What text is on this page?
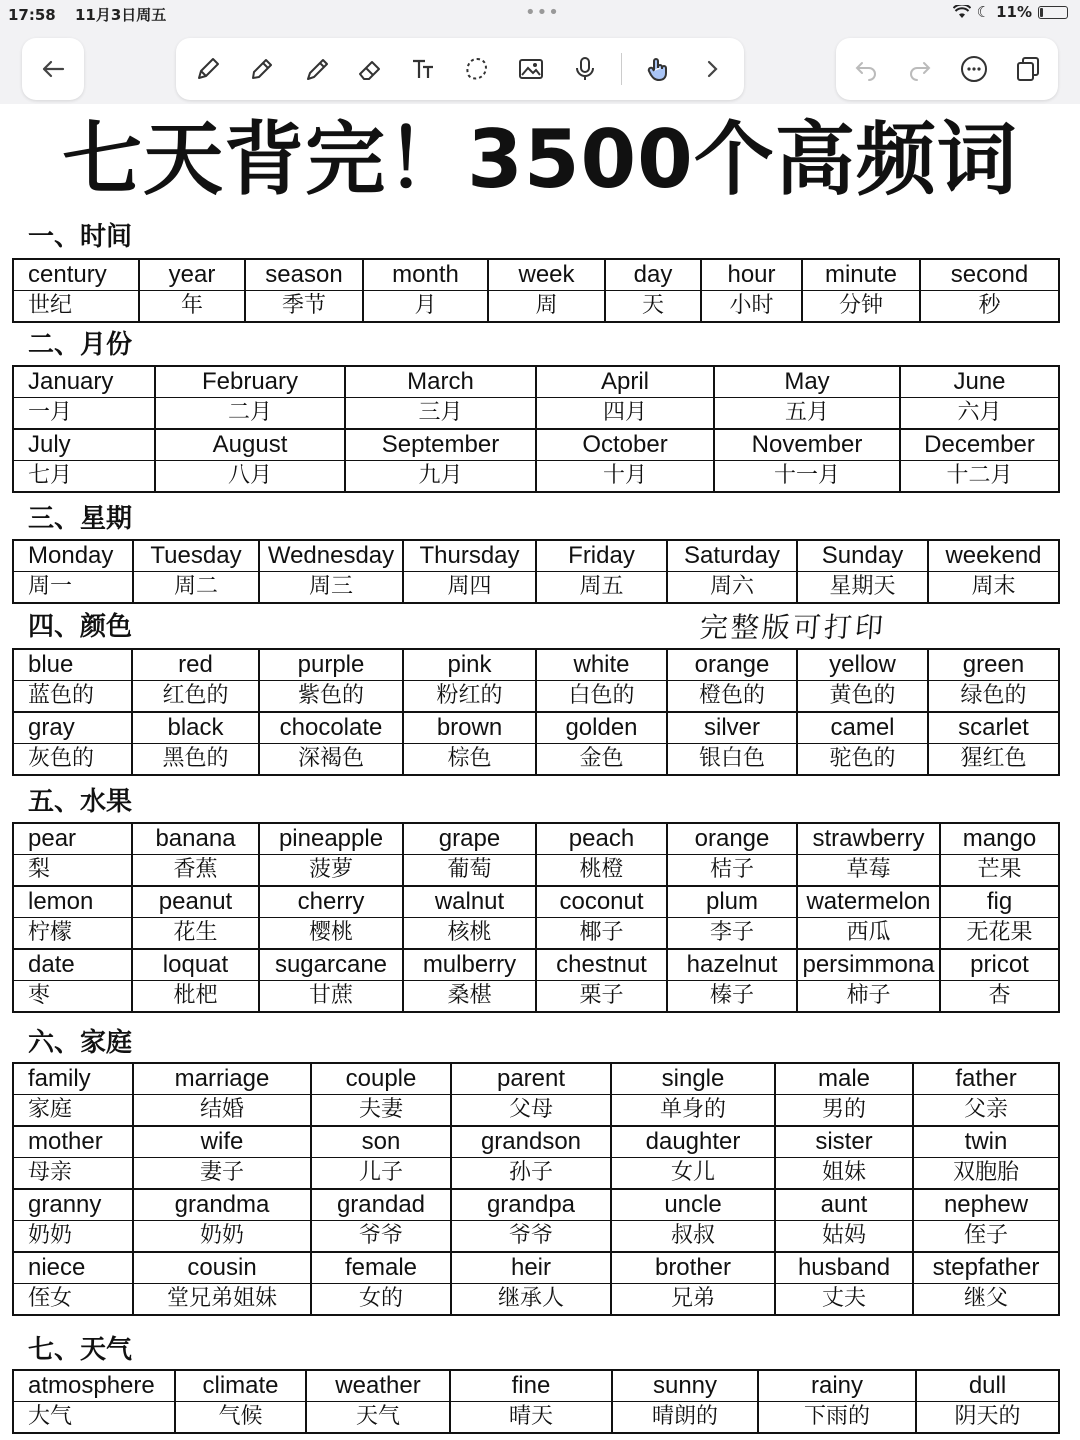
17:58 11月3日周五	•••	☾ 11%
七天背完！3500个高频词
一、时间
century	year	season	month	week	day	hour	minute	second
世纪	年	季节	月	周	天	小时	分钟	秒
二、月份
January	February	March	April	May	June
一月	二月	三月	四月	五月	六月
July	August	September	October	November	December
七月	八月	九月	十月	十一月	十二月
三、星期
Monday	Tuesday	Wednesday	Thursday	Friday	Saturday	Sunday	weekend
周一	周二	周三	周四	周五	周六	星期天	周末
四、颜色	完整版可打印
blue	red	purple	pink	white	orange	yellow	green
蓝色的	红色的	紫色的	粉红的	白色的	橙色的	黄色的	绿色的
gray	black	chocolate	brown	golden	silver	camel	scarlet
灰色的	黑色的	深褐色	棕色	金色	银白色	驼色的	猩红色
五、水果
pear	banana	pineapple	grape	peach	orange	strawberry	mango
梨	香蕉	菠萝	葡萄	桃橙	桔子	草莓	芒果
lemon	peanut	cherry	walnut	coconut	plum	watermelon	fig
柠檬	花生	樱桃	核桃	椰子	李子	西瓜	无花果
date	loquat	sugarcane	mulberry	chestnut	hazelnut	persimmona	pricot
枣	枇杷	甘蔗	桑椹	栗子	榛子	柿子	杏
六、家庭
family	marriage	couple	parent	single	male	father
家庭	结婚	夫妻	父母	单身的	男的	父亲
mother	wife	son	grandson	daughter	sister	twin
母亲	妻子	儿子	孙子	女儿	姐妹	双胞胎
granny	grandma	grandad	grandpa	uncle	aunt	nephew
奶奶	奶奶	爷爷	爷爷	叔叔	姑妈	侄子
niece	cousin	female	heir	brother	husband	stepfather
侄女	堂兄弟姐妹	女的	继承人	兄弟	丈夫	继父
七、天气
atmosphere	climate	weather	fine	sunny	rainy	dull
大气	气候	天气	晴天	晴朗的	下雨的	阴天的
